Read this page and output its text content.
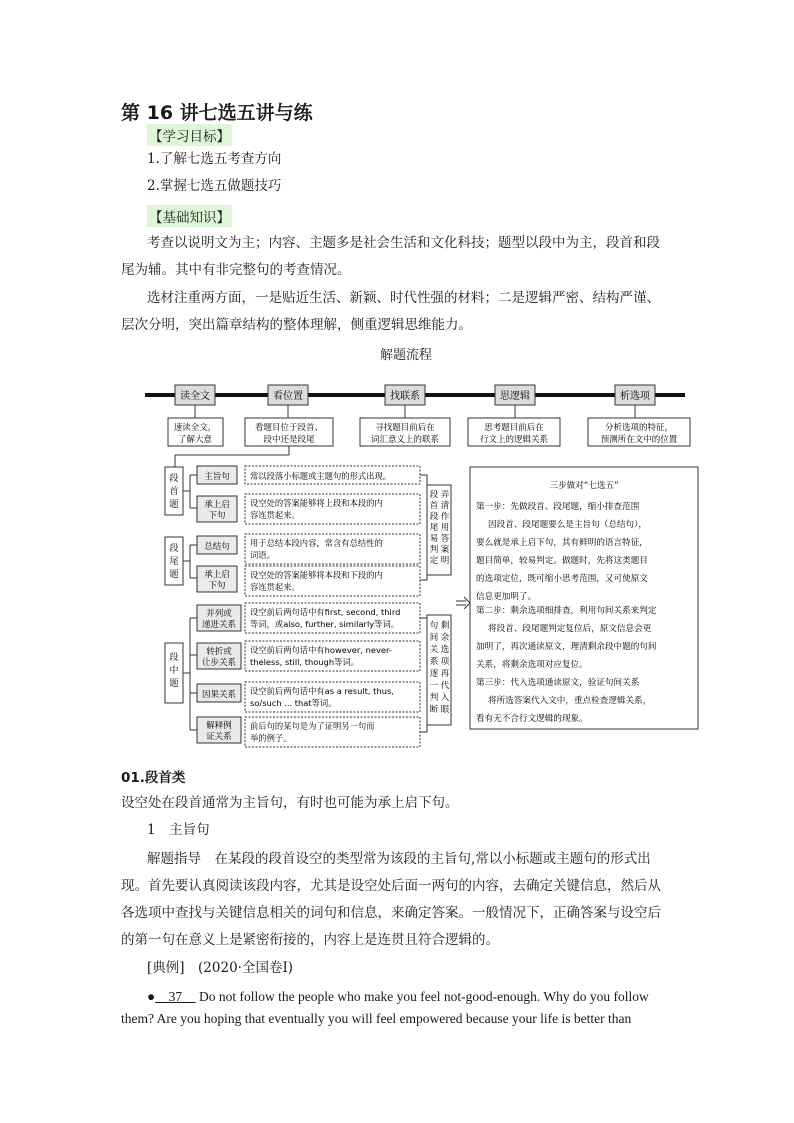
第 16 讲七选五讲与练
【学习目标】
1.了解七选五考查方向
2.掌握七选五做题技巧
【基础知识】
考查以说明文为主；内容、主题多是社会生活和文化科技；题型以段中为主，段首和段
尾为辅。其中有非完整句的考查情况。
选材注重两方面，一是贴近生活、新颖、时代性强的材料；二是逻辑严密、结构严谨、
层次分明，突出篇章结构的整体理解，侧重逻辑思维能力。
解题流程
读全文	看位置	找联系	思逻辑	析选项
速读全文，
了解大意
看题目位于段首、
段中还是段尾
寻找题目前后在
词汇意义上的联系
思考题目前后在
行文上的逻辑关系
分析选项的特征，
预测所在文中的位置
段
首
题
段
尾
题
段
中
题
主旨句
承上启
下句
总结句
承上启
下句
并列或
递进关系
转折或
让步关系
因果关系
解释例
证关系
常以段落小标题或主题句的形式出现。
设空处的答案能够将上段和本段的内
容连贯起来。
用于总结本段内容，常含有总结性的
词语。
设空处的答案能够将本段和下段的内
容连贯起来。
设空前后两句话中有first, second, third
等词，或also, further, similarly等词。
设空前后两句话中有however, never-
theless, still, though等词。
设空前后两句话中有as a result, thus,
so/such ... that等词。
前后句的某句是为了证明另一句而
举的例子。
段
首
段
尾
易
判
定
弄
清
作
用
答
案
明
句
间
关
系
逐
一
判
断
剩
余
选
项
再
代
入
眼
三步做对“七选五”
第一步：先做段首、段尾题，缩小排查范围
因段首、段尾题要么是主旨句（总结句），
要么就是承上启下句，其有鲜明的语言特征，
题目简单，较易判定。做题时，先将这类题目
的选项定位，既可缩小思考范围，又可使原文
信息更加明了。
第二步：剩余选项细排查，利用句间关系来判定
将段首、段尾题判定复位后，原文信息会更
加明了，再次通读原文，理清剩余段中题的句间
关系，将剩余选项对应复位。
第三步：代入选项通读原文，验证句间关系
将所选答案代入文中，重点检查逻辑关系，
看有无不合行文逻辑的现象。
01.段首类
设空处在段首通常为主旨句，有时也可能为承上启下句。
1　主旨句
解题指导　在某段的段首设空的类型常为该段的主旨句,常以小标题或主题句的形式出
现。首先要认真阅读该段内容，尤其是设空处后面一两句的内容，去确定关键信息，然后从
各选项中查找与关键信息相关的词句和信息，来确定答案。一般情况下，正确答案与设空后
的第一句在意义上是紧密衔接的，内容上是连贯且符合逻辑的。
[典例]　(2020·全国卷Ⅰ)
●　37　 Do not follow the people who make you feel not-good-enough. Why do you follow
them? Are you hoping that eventually you will feel empowered because your life is better than
